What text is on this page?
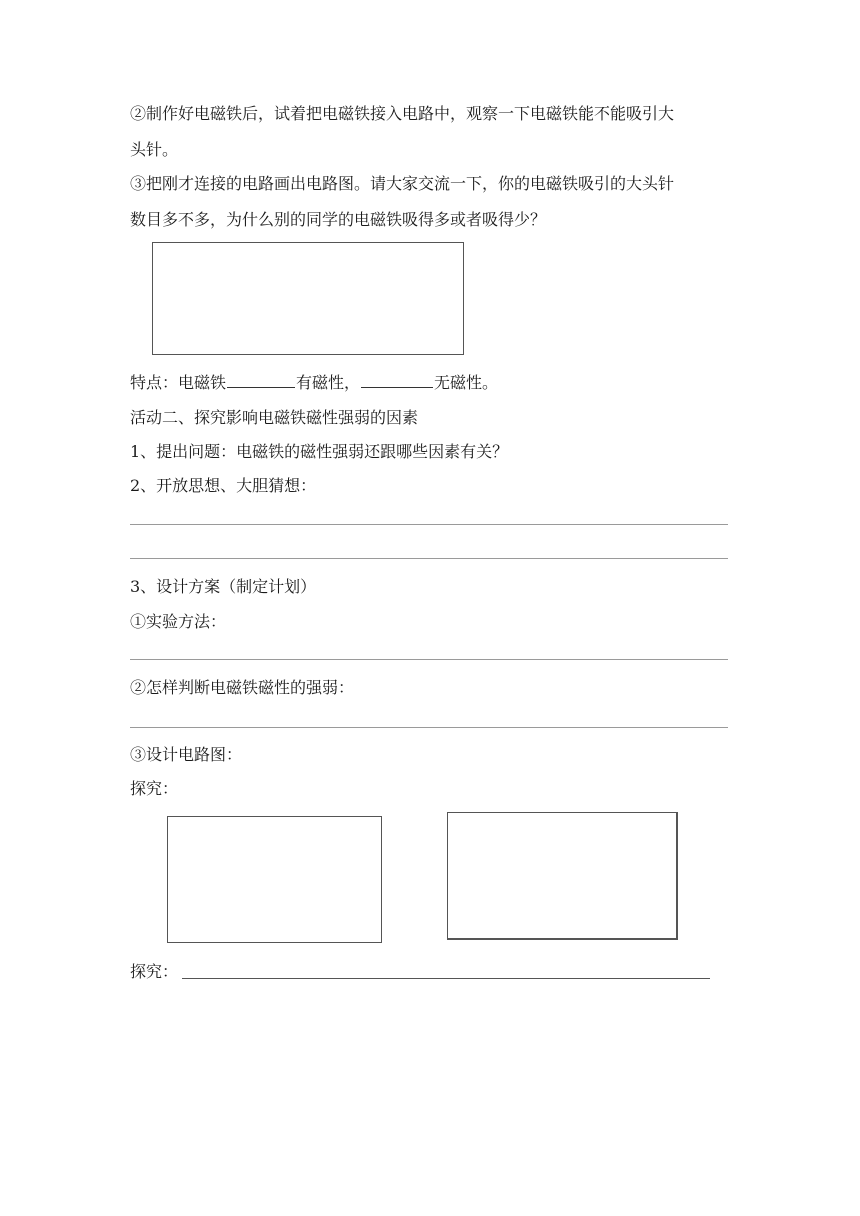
②制作好电磁铁后，试着把电磁铁接入电路中，观察一下电磁铁能不能吸引大
头针。
③把刚才连接的电路画出电路图。请大家交流一下，你的电磁铁吸引的大头针
数目多不多，为什么别的同学的电磁铁吸得多或者吸得少？
特点：电磁铁	有磁性，	无磁性。
活动二、探究影响电磁铁磁性强弱的因素
1、提出问题：电磁铁的磁性强弱还跟哪些因素有关？
2、开放思想、大胆猜想：
3、设计方案（制定计划）
①实验方法：
②怎样判断电磁铁磁性的强弱：
③设计电路图：
探究：
探究：
